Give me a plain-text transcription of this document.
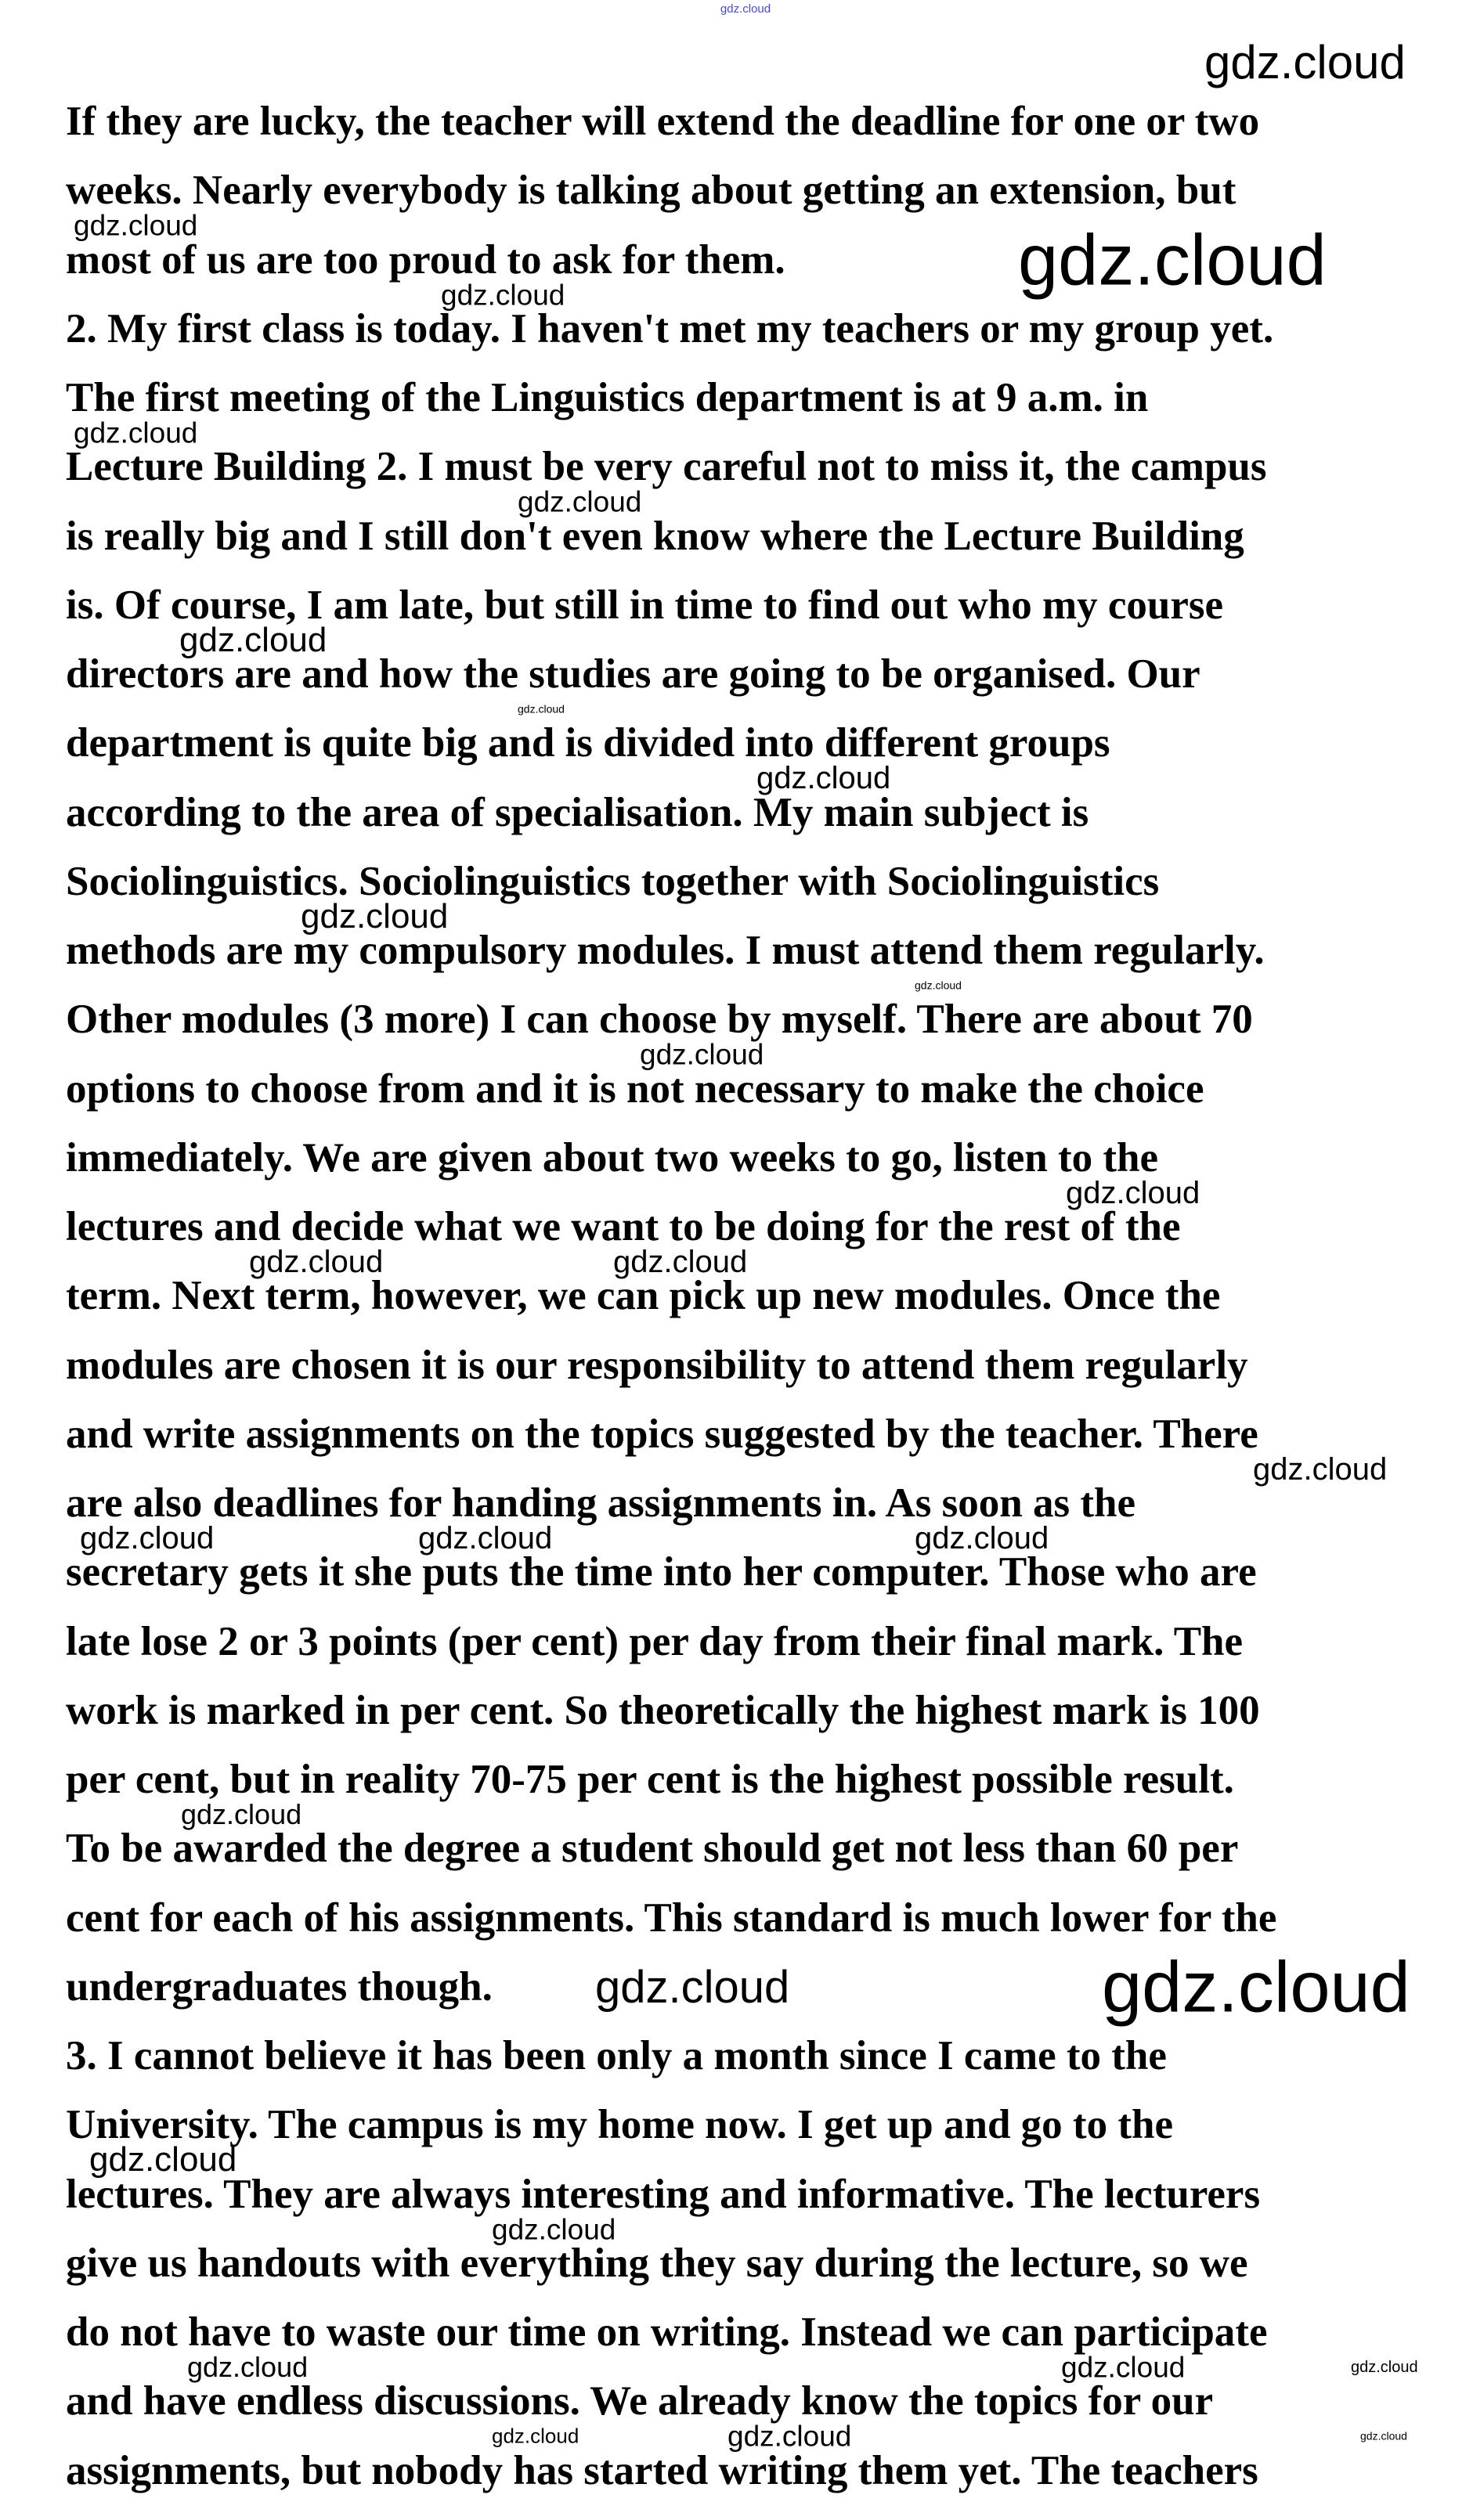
gdz.cloud
If they are lucky, the teacher will extend the deadline for one or two
weeks. Nearly everybody is talking about getting an extension, but
most of us are too proud to ask for them.
2. My first class is today. I haven't met my teachers or my group yet.
The first meeting of the Linguistics department is at 9 a.m. in
Lecture Building 2. I must be very careful not to miss it, the campus
is really big and I still don't even know where the Lecture Building
is. Of course, I am late, but still in time to find out who my course
directors are and how the studies are going to be organised. Our
department is quite big and is divided into different groups
according to the area of specialisation. My main subject is
Sociolinguistics. Sociolinguistics together with Sociolinguistics
methods are my compulsory modules. I must attend them regularly.
Other modules (3 more) I can choose by myself. There are about 70
options to choose from and it is not necessary to make the choice
immediately. We are given about two weeks to go, listen to the
lectures and decide what we want to be doing for the rest of the
term. Next term, however, we can pick up new modules. Once the
modules are chosen it is our responsibility to attend them regularly
and write assignments on the topics suggested by the teacher. There
are also deadlines for handing assignments in. As soon as the
secretary gets it she puts the time into her computer. Those who are
late lose 2 or 3 points (per cent) per day from their final mark. The
work is marked in per cent. So theoretically the highest mark is 100
per cent, but in reality 70-75 per cent is the highest possible result.
To be awarded the degree a student should get not less than 60 per
cent for each of his assignments. This standard is much lower for the
undergraduates though.
3. I cannot believe it has been only a month since I came to the
University. The campus is my home now. I get up and go to the
lectures. They are always interesting and informative. The lecturers
give us handouts with everything they say during the lecture, so we
do not have to waste our time on writing. Instead we can participate
and have endless discussions. We already know the topics for our
assignments, but nobody has started writing them yet. The teachers
gdz.cloud	gdz.cloud
gdz.cloud
gdz.cloud
gdz.cloud
gdz.cloud
gdz.cloud
gdz.cloud
gdz.cloud
gdz.cloud
gdz.cloud
gdz.cloud
gdz.cloud
gdz.cloud	gdz.cloud
gdz.cloud
gdz.cloud	gdz.cloud	gdz.cloud
gdz.cloud
gdz.cloud	gdz.cloud
gdz.cloud
gdz.cloud
gdz.cloud	gdz.cloud	gdz.cloud
gdz.cloud	gdz.cloud	gdz.cloud
